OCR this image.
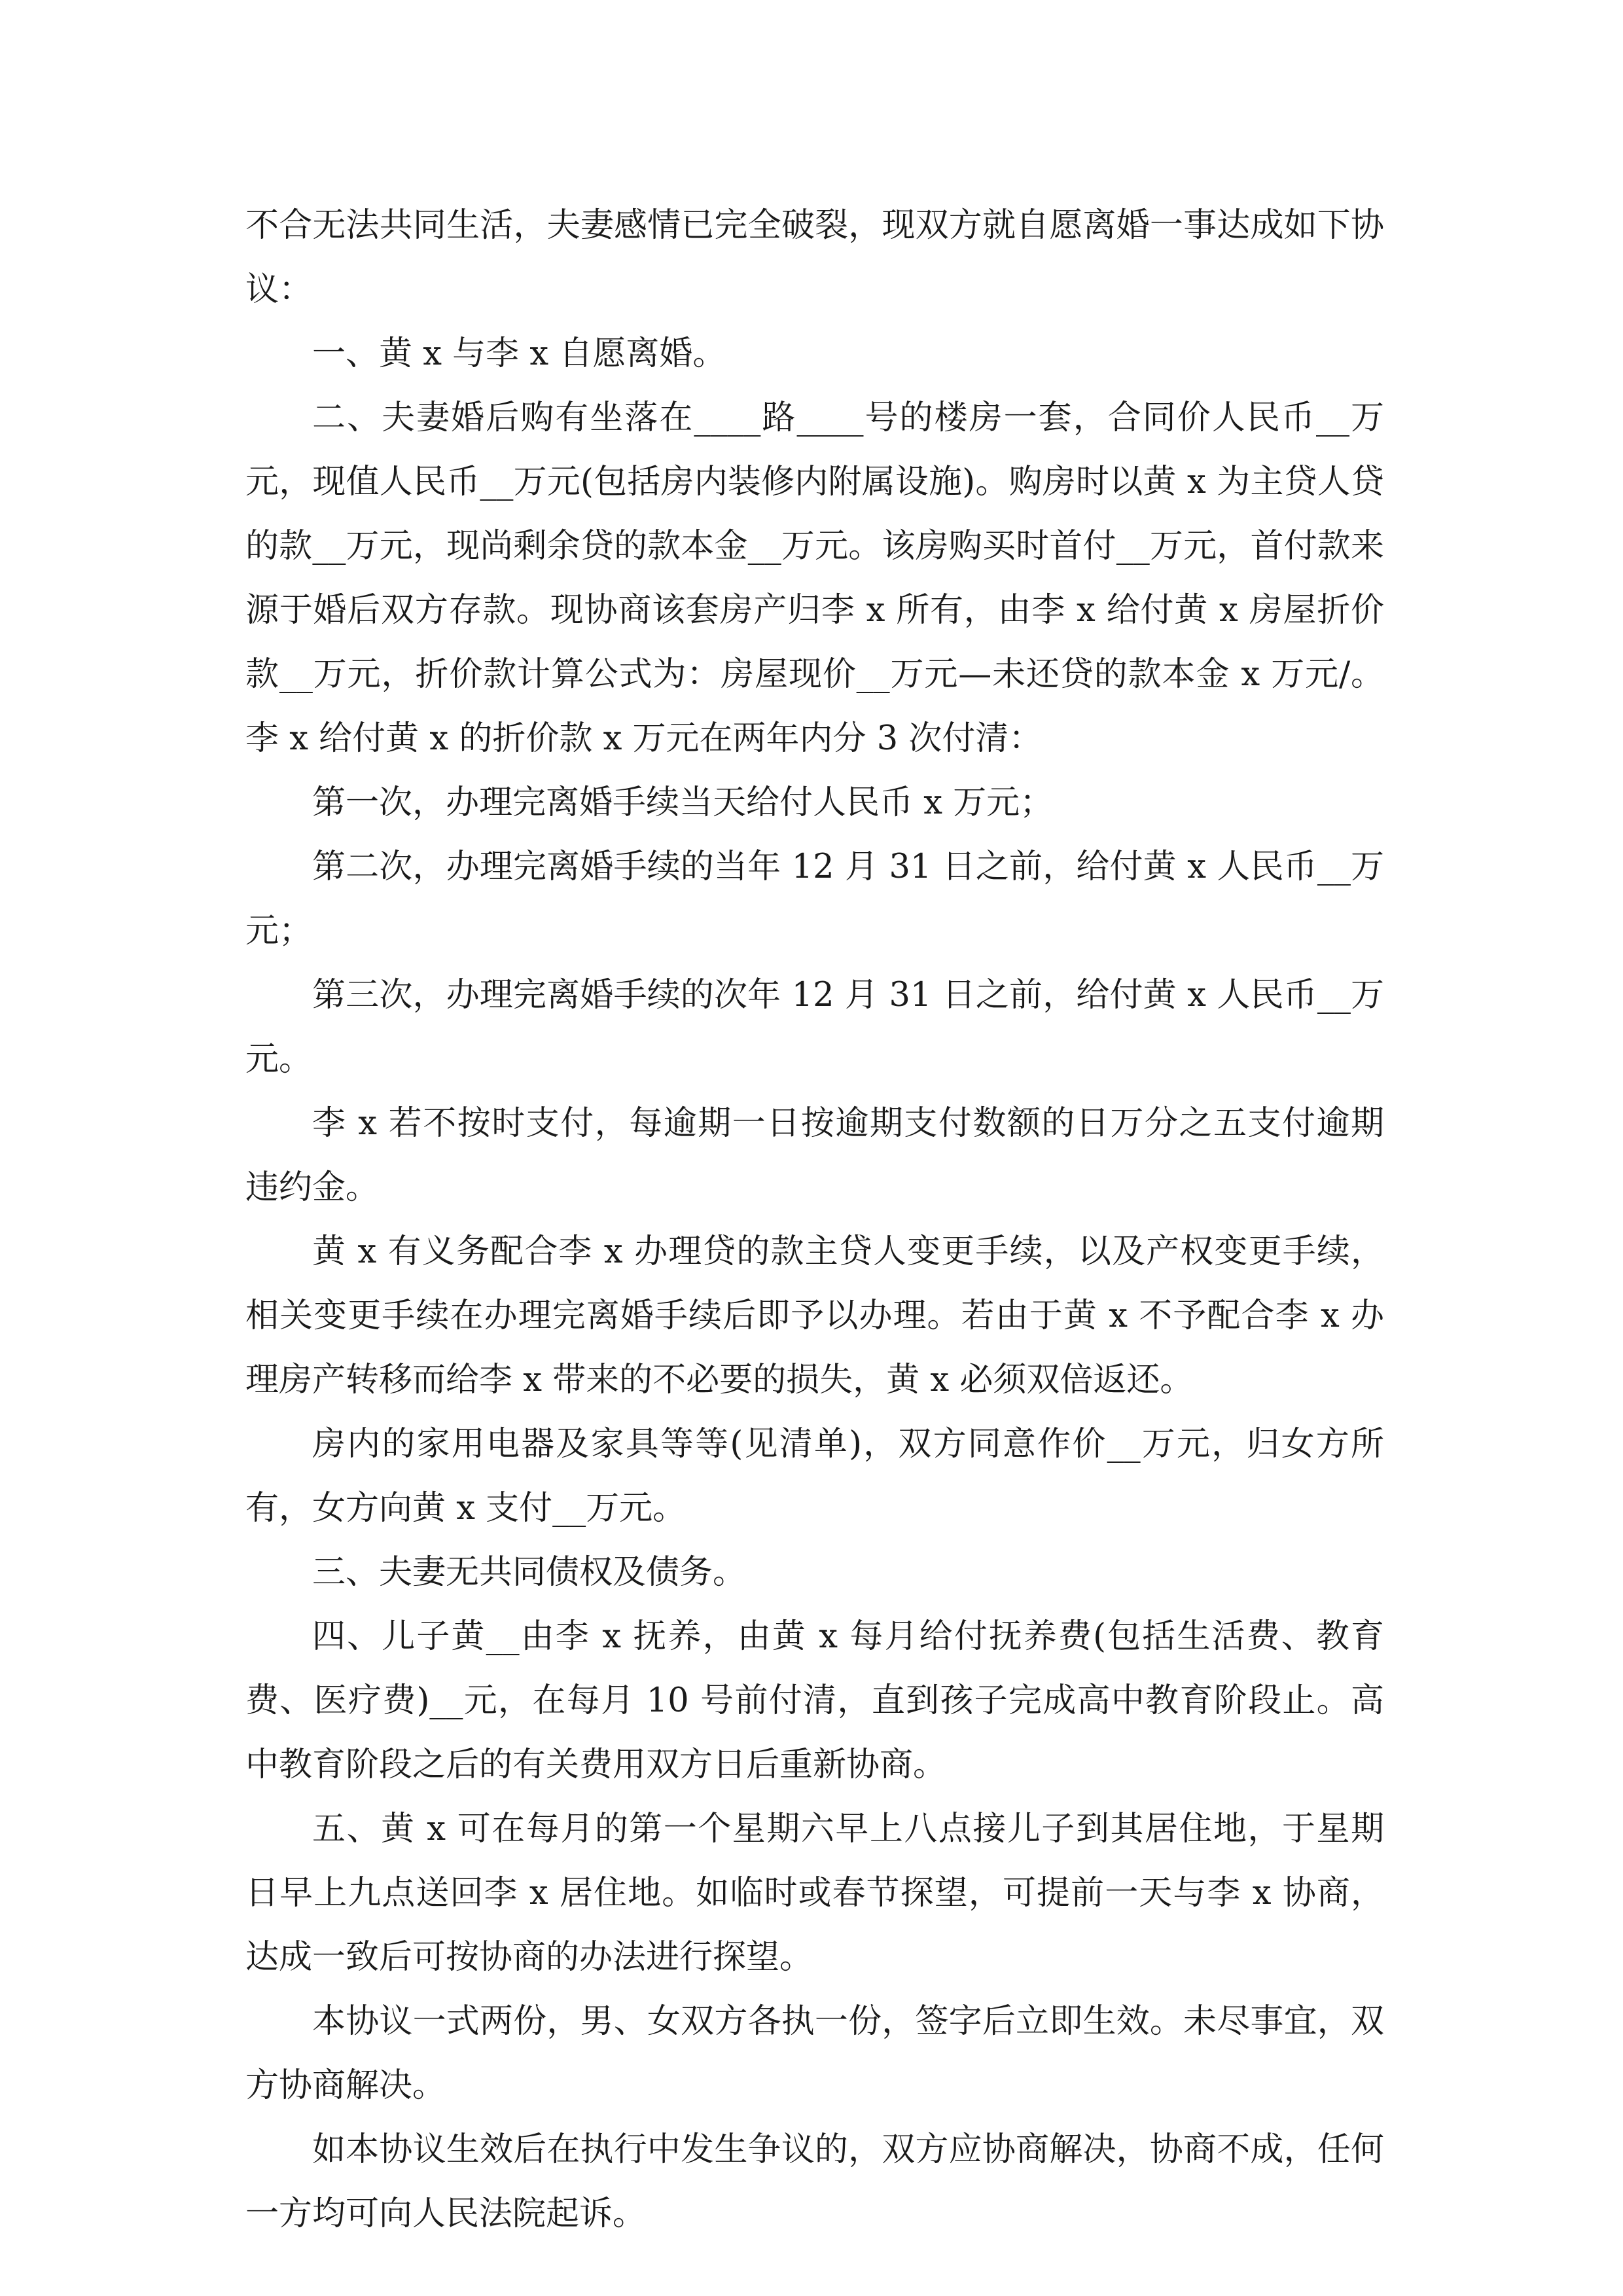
不合无法共同生活，夫妻感情已完全破裂，现双方就自愿离婚一事达成如下协议：

一、黄 x 与李 x 自愿离婚。

二、夫妻婚后购有坐落在____路____号的楼房一套，合同价人民币__万元，现值人民币__万元(包括房内装修内附属设施)。购房时以黄 x 为主贷人贷的款__万元，现尚剩余贷的款本金__万元。该房购买时首付__万元，首付款来源于婚后双方存款。现协商该套房产归李 x 所有，由李 x 给付黄 x 房屋折价款__万元，折价款计算公式为：房屋现价__万元—未还贷的款本金 x 万元/。李 x 给付黄 x 的折价款 x 万元在两年内分 3 次付清：

第一次，办理完离婚手续当天给付人民币 x 万元；

第二次，办理完离婚手续的当年 12 月 31 日之前，给付黄 x 人民币__万元；

第三次，办理完离婚手续的次年 12 月 31 日之前，给付黄 x 人民币__万元。

李 x 若不按时支付，每逾期一日按逾期支付数额的日万分之五支付逾期违约金。

黄 x 有义务配合李 x 办理贷的款主贷人变更手续，以及产权变更手续，相关变更手续在办理完离婚手续后即予以办理。若由于黄 x 不予配合李 x 办理房产转移而给李 x 带来的不必要的损失，黄 x 必须双倍返还。

房内的家用电器及家具等等(见清单)，双方同意作价__万元，归女方所有，女方向黄 x 支付__万元。

三、夫妻无共同债权及债务。

四、儿子黄__由李 x 抚养，由黄 x 每月给付抚养费(包括生活费、教育费、医疗费)__元，在每月 10 号前付清，直到孩子完成高中教育阶段止。高中教育阶段之后的有关费用双方日后重新协商。

五、黄 x 可在每月的第一个星期六早上八点接儿子到其居住地，于星期日早上九点送回李 x 居住地。如临时或春节探望，可提前一天与李 x 协商，达成一致后可按协商的办法进行探望。

本协议一式两份，男、女双方各执一份，签字后立即生效。未尽事宜，双方协商解决。

如本协议生效后在执行中发生争议的，双方应协商解决，协商不成，任何一方均可向人民法院起诉。
